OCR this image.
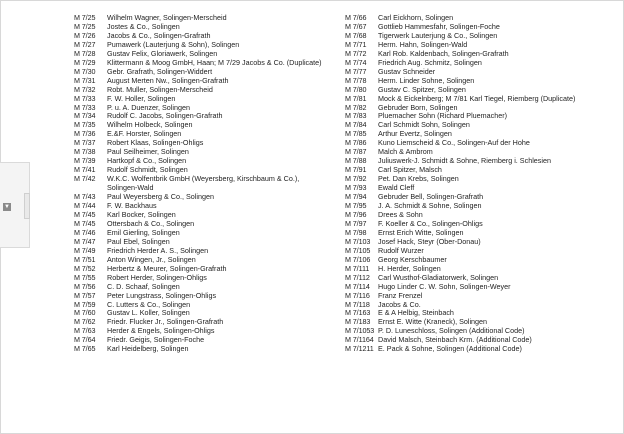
▼
M 7/25	Wilhelm Wagner, Solingen-Merscheid
M 7/25	Jostes & Co., Solingen
M 7/26	Jacobs & Co., Solingen-Grafrath
M 7/27	Pumawerk (Lauterjung & Sohn), Solingen
M 7/28	Gustav Felix, Gloriawerk, Solingen
M 7/29	Klittermann & Moog GmbH, Haan; M 7/29 Jacobs & Co. (Duplicate)
M 7/30	Gebr. Grafrath, Solingen-Widdert
M 7/31	August Merten Nw., Solingen-Grafrath
M 7/32	Robt. Muller, Solingen-Merscheid
M 7/33	F. W. Holler, Solingen
M 7/33	P. u. A. Duenzer, Solingen
M 7/34	Rudolf C. Jacobs, Solingen-Grafrath
M 7/35	Wilhelm Holbeck, Solingen
M 7/36	E.&F. Horster, Solingen
M 7/37	Robert Klaas, Solingen-Ohligs
M 7/38	Paul Seilheimer, Solingen
M 7/39	Hartkopf & Co., Solingen
M 7/41	Rudolf Schmidt, Solingen
M 7/42	W.K.C. Wolfentbrik GmbH (Weyersberg, Kirschbaum & Co.),
Solingen-Wald
M 7/43	Paul Weyersberg & Co., Solingen
M 7/44	F. W. Backhaus
M 7/45	Karl Bocker, Solingen
M 7/45	Ottersbach & Co., Solingen
M 7/46	Emil Gierling, Solingen
M 7/47	Paul Ebel, Solingen
M 7/49	Friedrich Herder A. S., Solingen
M 7/51	Anton Wingen, Jr., Solingen
M 7/52	Herbertz & Meurer, Solingen-Grafrath
M 7/55	Robert Herder, Solingen-Ohligs
M 7/56	C. D. Schaaf, Solingen
M 7/57	Peter Lungstrass, Solingen-Ohligs
M 7/59	C. Lutters & Co., Solingen
M 7/60	Gustav L. Koller, Solingen
M 7/62	Friedr. Flucker Jr., Solingen-Grafrath
M 7/63	Herder & Engels, Solingen-Ohligs
M 7/64	Friedr. Geigis, Solingen-Foche
M 7/65	Karl Heidelberg, Solingen
M 7/66	Carl Eickhorn, Solingen
M 7/67	Gottlieb Hammesfahr, Solingen-Foche
M 7/68	Tigerwerk Lauterjung & Co., Solingen
M 7/71	Herm. Hahn, Solingen-Wald
M 7/72	Karl Rob. Kaldenbach, Solingen-Grafrath
M 7/74	Friedrich Aug. Schmitz, Solingen
M 7/77	Gustav Schneider
M 7/78	Herm. Linder Sohne, Solingen
M 7/80	Gustav C. Spitzer, Solingen
M 7/81	Mock & Eickelnberg; M 7/81 Karl Tiegel, Riemberg (Duplicate)
M 7/82	Gebruder Born, Solingen
M 7/83	Pluemacher Sohn (Richard Pluemacher)
M 7/84	Carl Schmidt Sohn, Solingen
M 7/85	Arthur Evertz, Solingen
M 7/86	Kuno Liemscheid & Co., Solingen-Auf der Hohe
M 7/87	Malch & Ambrom
M 7/88	Juliuswerk-J. Schmidt & Sohne, Riemberg i. Schlesien
M 7/91	Carl Spitzer, Malsch
M 7/92	Pet. Dan Krebs, Solingen
M 7/93	Ewald Cleff
M 7/94	Gebruder Bell, Solingen-Grafrath
M 7/95	J. A. Schmidt & Sohne, Solingen
M 7/96	Drees & Sohn
M 7/97	F. Koeller & Co., Solingen-Ohligs
M 7/98	Ernst Erich Witte, Solingen
M 7/103	Josef Hack, Steyr (Ober-Donau)
M 7/105	Rudolf Wurzer
M 7/106	Georg Kerschbaumer
M 7/111	H. Herder, Solingen
M 7/112	Carl Wusthof-Gladiatorwerk, Solingen
M 7/114	Hugo Linder C. W. Sohn, Solingen-Weyer
M 7/116	Franz Frenzel
M 7/118	Jacobs & Co.
M 7/163	E & A Helbig, Steinbach
M 7/183	Ernst E. Witte (Kraneck), Solingen
M 7/1053 P. D. Luneschloss, Solingen (Additional Code)
M 7/1164 David Malsch, Steinbach Krm. (Additional Code)
M 7/1211 E. Pack & Sohne, Solingen (Additional Code)
